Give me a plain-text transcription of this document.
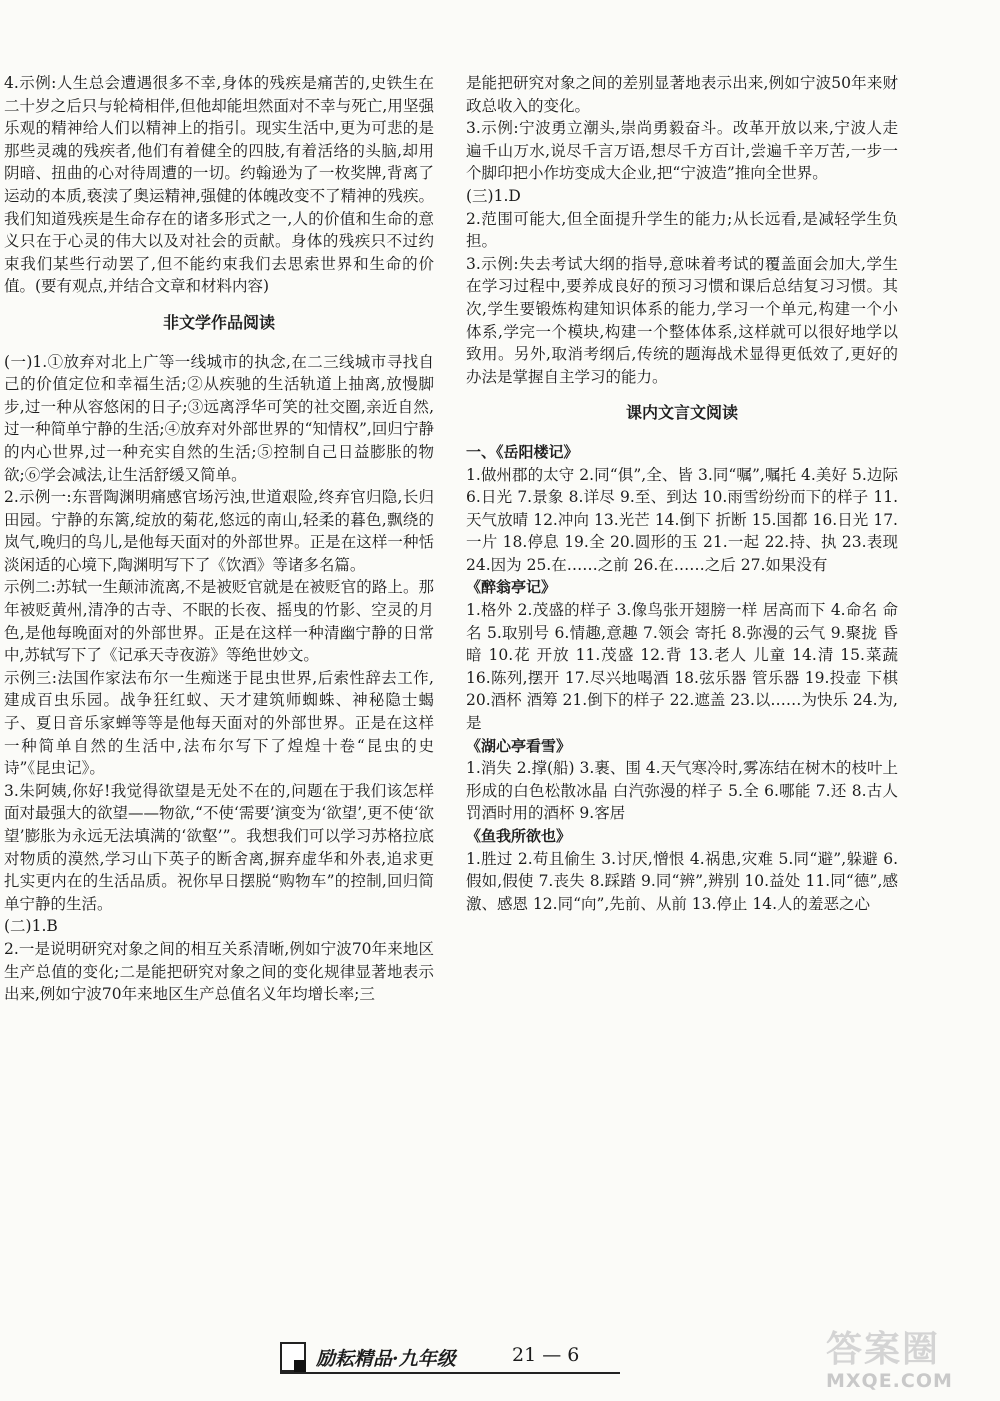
4.示例:人生总会遭遇很多不幸,身体的残疾是痛苦的,史铁生在二十岁之后只与轮椅相伴,但他却能坦然面对不幸与死亡,用坚强乐观的精神给人们以精神上的指引。现实生活中,更为可悲的是那些灵魂的残疾者,他们有着健全的四肢,有着活络的头脑,却用阴暗、扭曲的心对待周遭的一切。约翰逊为了一枚奖牌,背离了运动的本质,亵渎了奥运精神,强健的体魄改变不了精神的残疾。我们知道残疾是生命存在的诸多形式之一,人的价值和生命的意义只在于心灵的伟大以及对社会的贡献。身体的残疾只不过约束我们某些行动罢了,但不能约束我们去思索世界和生命的价值。(要有观点,并结合文章和材料内容)

非文学作品阅读

(一)1.①放弃对北上广等一线城市的执念,在二三线城市寻找自己的价值定位和幸福生活;②从疾驰的生活轨道上抽离,放慢脚步,过一种从容悠闲的日子;③远离浮华可笑的社交圈,亲近自然,过一种简单宁静的生活;④放弃对外部世界的“知情权”,回归宁静的内心世界,过一种充实自然的生活;⑤控制自己日益膨胀的物欲;⑥学会减法,让生活舒缓又简单。

2.示例一:东晋陶渊明痛感官场污浊,世道艰险,终弃官归隐,长归田园。宁静的东篱,绽放的菊花,悠远的南山,轻柔的暮色,飘绕的岚气,晚归的鸟儿,是他每天面对的外部世界。正是在这样一种恬淡闲适的心境下,陶渊明写下了《饮酒》等诸多名篇。

示例二:苏轼一生颠沛流离,不是被贬官就是在被贬官的路上。那年被贬黄州,清净的古寺、不眠的长夜、摇曳的竹影、空灵的月色,是他每晚面对的外部世界。正是在这样一种清幽宁静的日常中,苏轼写下了《记承天寺夜游》等绝世妙文。

示例三:法国作家法布尔一生痴迷于昆虫世界,后索性辞去工作,建成百虫乐园。战争狂红蚁、天才建筑师蜘蛛、神秘隐士蝎子、夏日音乐家蝉等等是他每天面对的外部世界。正是在这样一种简单自然的生活中,法布尔写下了煌煌十卷“昆虫的史诗”《昆虫记》。

3.朱阿姨,你好!我觉得欲望是无处不在的,问题在于我们该怎样面对最强大的欲望——物欲,“不使‘需要’演变为‘欲望’,更不使‘欲望’膨胀为永远无法填满的‘欲壑’”。我想我们可以学习苏格拉底对物质的漠然,学习山下英子的断舍离,摒弃虚华和外表,追求更扎实更内在的生活品质。祝你早日摆脱“购物车”的控制,回归简单宁静的生活。

(二)1.B

2.一是说明研究对象之间的相互关系清晰,例如宁波70年来地区生产总值的变化;二是能把研究对象之间的变化规律显著地表示出来,例如宁波70年来地区生产总值名义年均增长率;三

是能把研究对象之间的差别显著地表示出来,例如宁波50年来财政总收入的变化。

3.示例:宁波勇立潮头,崇尚勇毅奋斗。改革开放以来,宁波人走遍千山万水,说尽千言万语,想尽千方百计,尝遍千辛万苦,一步一个脚印把小作坊变成大企业,把“宁波造”推向全世界。

(三)1.D

2.范围可能大,但全面提升学生的能力;从长远看,是减轻学生负担。

3.示例:失去考试大纲的指导,意味着考试的覆盖面会加大,学生在学习过程中,要养成良好的预习习惯和课后总结复习习惯。其次,学生要锻炼构建知识体系的能力,学习一个单元,构建一个小体系,学完一个模块,构建一个整体体系,这样就可以很好地学以致用。另外,取消考纲后,传统的题海战术显得更低效了,更好的办法是掌握自主学习的能力。

课内文言文阅读

一、《岳阳楼记》

1.做州郡的太守 2.同“俱”,全、皆 3.同“嘱”,嘱托 4.美好 5.边际 6.日光 7.景象 8.详尽 9.至、到达 10.雨雪纷纷而下的样子 11.天气放晴 12.冲向 13.光芒 14.倒下 折断 15.国都 16.日光 17.一片 18.停息 19.全 20.圆形的玉 21.一起 22.持、执 23.表现 24.因为 25.在……之前 26.在……之后 27.如果没有

《醉翁亭记》

1.格外 2.茂盛的样子 3.像鸟张开翅膀一样 居高而下 4.命名 命名 5.取别号 6.情趣,意趣 7.领会 寄托 8.弥漫的云气 9.聚拢 昏暗 10.花 开放 11.茂盛 12.背 13.老人 儿童 14.清 15.菜蔬 16.陈列,摆开 17.尽兴地喝酒 18.弦乐器 管乐器 19.投壶 下棋 20.酒杯 酒筹 21.倒下的样子 22.遮盖 23.以……为快乐 24.为,是

《湖心亭看雪》

1.消失 2.撑(船) 3.裹、围 4.天气寒冷时,雾冻结在树木的枝叶上形成的白色松散冰晶 白汽弥漫的样子 5.全 6.哪能 7.还 8.古人罚酒时用的酒杯 9.客居

《鱼我所欲也》

1.胜过 2.苟且偷生 3.讨厌,憎恨 4.祸患,灾难 5.同“避”,躲避 6.假如,假使 7.丧失 8.踩踏 9.同“辨”,辨别 10.益处 11.同“德”,感激、感恩 12.同“向”,先前、从前 13.停止 14.人的羞恶之心

励耘精品·九年级	21 — 6	答案圈
MXQE.COM
